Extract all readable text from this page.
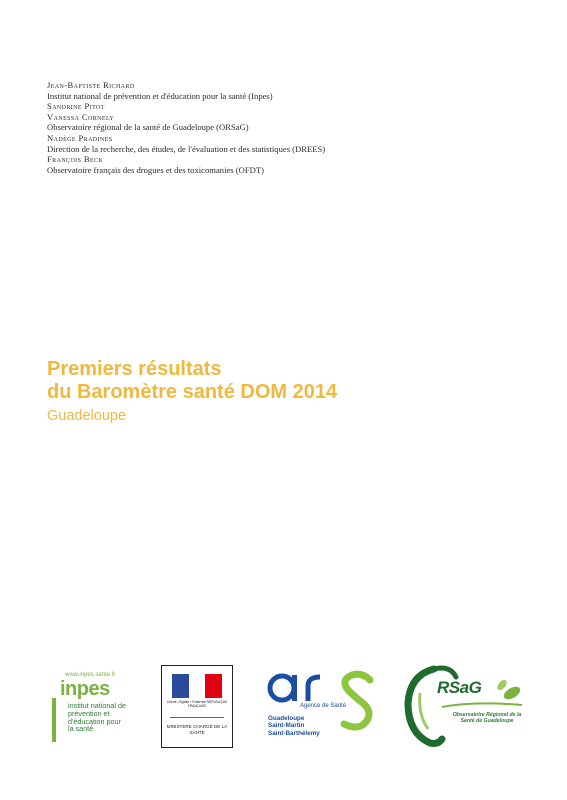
Jean-Baptiste Richard
Institut national de prévention et d'éducation pour la santé (Inpes)
Sandrine Pitot
Vanessa Cornely
Observatoire régional de la santé de Guadeloupe (ORSaG)
Nadège Pradines
Direction de la recherche, des études, de l'évaluation et des statistiques (DREES)
François Beck
Observatoire français des drogues et des toxicomanies (OFDT)
Premiers résultats
du Baromètre santé DOM 2014
Guadeloupe
www.inpes.sante.fr
inpes
institut national de prévention et d'éducation pour la santé
Liberté • Égalité • Fraternité RÉPUBLIQUE FRANÇAISE
MINISTÈRE CHARGÉ DE LA SANTÉ
Agence de Santé
Guadeloupe
Saint-Martin
Saint-Barthélemy
RSaG
Observatoire Régional de la Santé de Guadeloupe
